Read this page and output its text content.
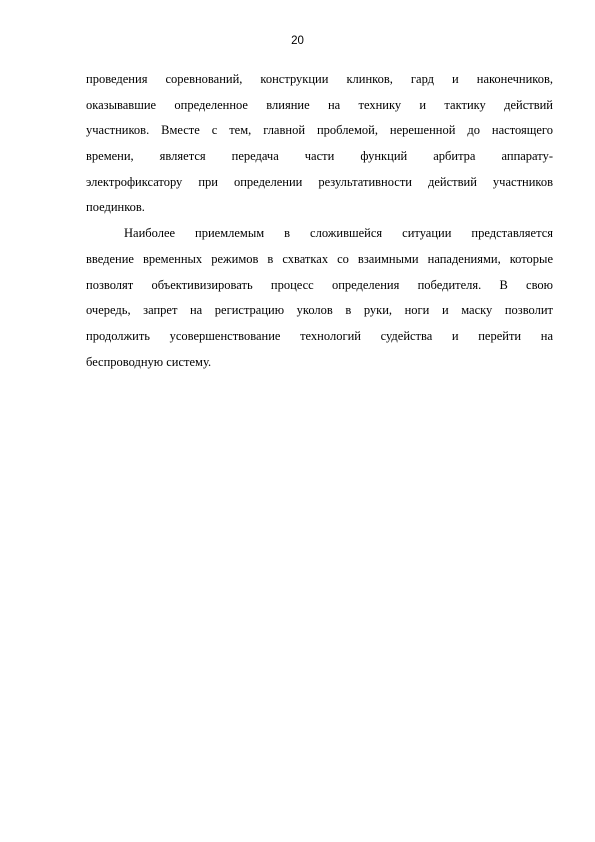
20
проведения соревнований, конструкции клинков, гард и наконечников,
оказывавшие определенное влияние на технику и тактику действий
участников. Вместе с тем, главной проблемой, нерешенной до настоящего
времени, является передача части функций арбитра аппарату-
электрофиксатору при определении результативности действий участников
поединков.
Наиболее приемлемым в сложившейся ситуации представляется
введение временных режимов в схватках со взаимными нападениями, которые
позволят объективизировать процесс определения победителя. В свою
очередь, запрет на регистрацию уколов в руки, ноги и маску позволит
продолжить усовершенствование технологий судейства и перейти на
беспроводную систему.
